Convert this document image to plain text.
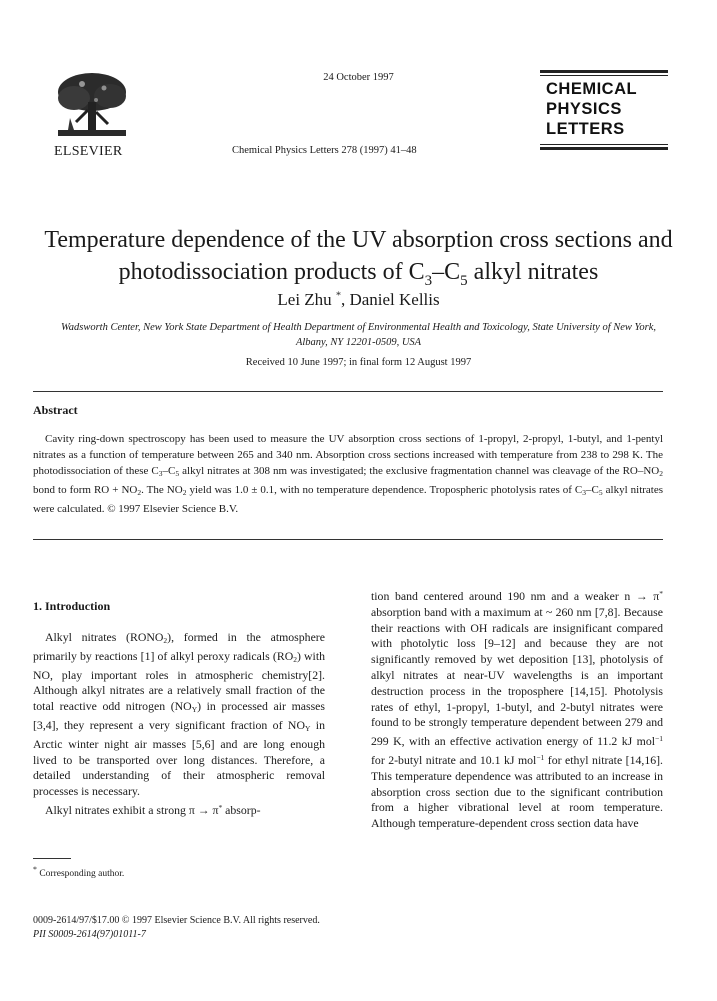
ELSEVIER
24 October 1997
Chemical Physics Letters 278 (1997) 41–48
CHEMICAL
PHYSICS
LETTERS
Temperature dependence of the UV absorption cross sections and
photodissociation products of $C_3-C_5$ alkyl nitrates
Lei Zhu *, Daniel Kellis
Wadsworth Center, New York State Department of Health Department of Environmental Health and Toxicology, State University of New York, Albany, NY 12201-0509, USA
Received 10 June 1997; in final form 12 August 1997
Abstract

Cavity ring-down spectroscopy has been used to measure the UV absorption cross sections of 1-propyl, 2-propyl, 1-butyl, and 1-pentyl nitrates as a function of temperature between 265 and 340 nm. Absorption cross sections increased with temperature from 238 to 298 K. The photodissociation of these C3–C5 alkyl nitrates at 308 nm was investigated; the exclusive fragmentation channel was cleavage of the RO–NO2 bond to form RO + NO2. The NO2 yield was 1.0 ± 0.1, with no temperature dependence. Tropospheric photolysis rates of C3–C5 alkyl nitrates were calculated. © 1997 Elsevier Science B.V.

1. Introduction

Alkyl nitrates (RONO2), formed in the atmosphere primarily by reactions [1] of alkyl peroxy radicals (RO2) with NO, play important roles in atmospheric chemistry[2]. Although alkyl nitrates are a relatively small fraction of the total reactive odd nitrogen (NOY) in processed air masses [3,4], they represent a very significant fraction of NOY in Arctic winter night air masses [5,6] and are long enough lived to be transported over long distances. Therefore, a detailed understanding of their atmospheric removal processes is necessary.

Alkyl nitrates exhibit a strong π → π* absorp-

tion band centered around 190 nm and a weaker n → π* absorption band with a maximum at ~ 260 nm [7,8]. Because their reactions with OH radicals are insignificant compared with photolytic loss [9–12] and because they are not significantly removed by wet deposition [13], photolysis of alkyl nitrates at near-UV wavelengths is an important destruction process in the troposphere [14,15]. Photolysis rates of ethyl, 1-propyl, 1-butyl, and 2-butyl nitrates were found to be strongly temperature dependent between 279 and 299 K, with an effective activation energy of 11.2 kJ mol$^{-1}$ for 2-butyl nitrate and 10.1 kJ mol$^{-1}$ for ethyl nitrate [14,16]. This temperature dependence was attributed to an increase in absorption cross section due to the significant contribution from a higher vibrational level at room temperature. Although temperature-dependent cross section data have

* Corresponding author.
0009-2614/97/$17.00 © 1997 Elsevier Science B.V. All rights reserved.
PII S0009-2614(97)01011-7
